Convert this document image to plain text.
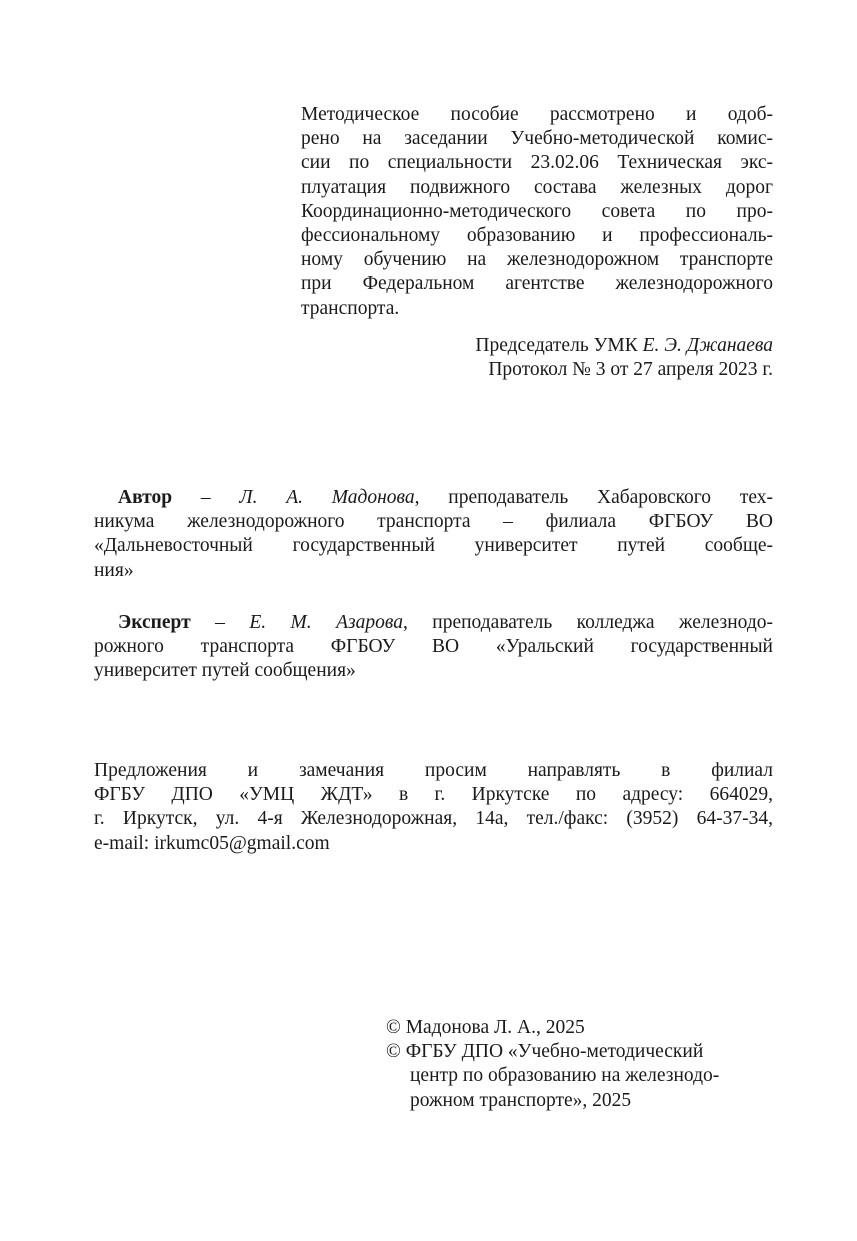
Методическое пособие рассмотрено и одоб-
рено на заседании Учебно-методической комис-
сии по специальности 23.02.06 Техническая экс-
плуатация подвижного состава железных дорог
Координационно-методического совета по про-
фессиональному образованию и профессиональ-
ному обучению на железнодорожном транспорте
при Федеральном агентстве железнодорожного
транспорта.
Председатель УМК Е. Э. Джанаева
Протокол № 3 от 27 апреля 2023 г.
Автор – Л. А. Мадонова, преподаватель Хабаровского тех-
никума железнодорожного транспорта – филиала ФГБОУ ВО
«Дальневосточный государственный университет путей сообще-
ния»
Эксперт – Е. М. Азарова, преподаватель колледжа железнодо-
рожного транспорта ФГБОУ ВО «Уральский государственный
университет путей сообщения»
Предложения и замечания просим направлять в филиал
ФГБУ ДПО «УМЦ ЖДТ» в г. Иркутске по адресу: 664029,
г. Иркутск, ул. 4-я Железнодорожная, 14а, тел./факс: (3952) 64-37-34,
e-mail: irkumc05@gmail.com
© Мадонова Л. А., 2025
© ФГБУ ДПО «Учебно-методический
центр по образованию на железнодо-
рожном транспорте», 2025
